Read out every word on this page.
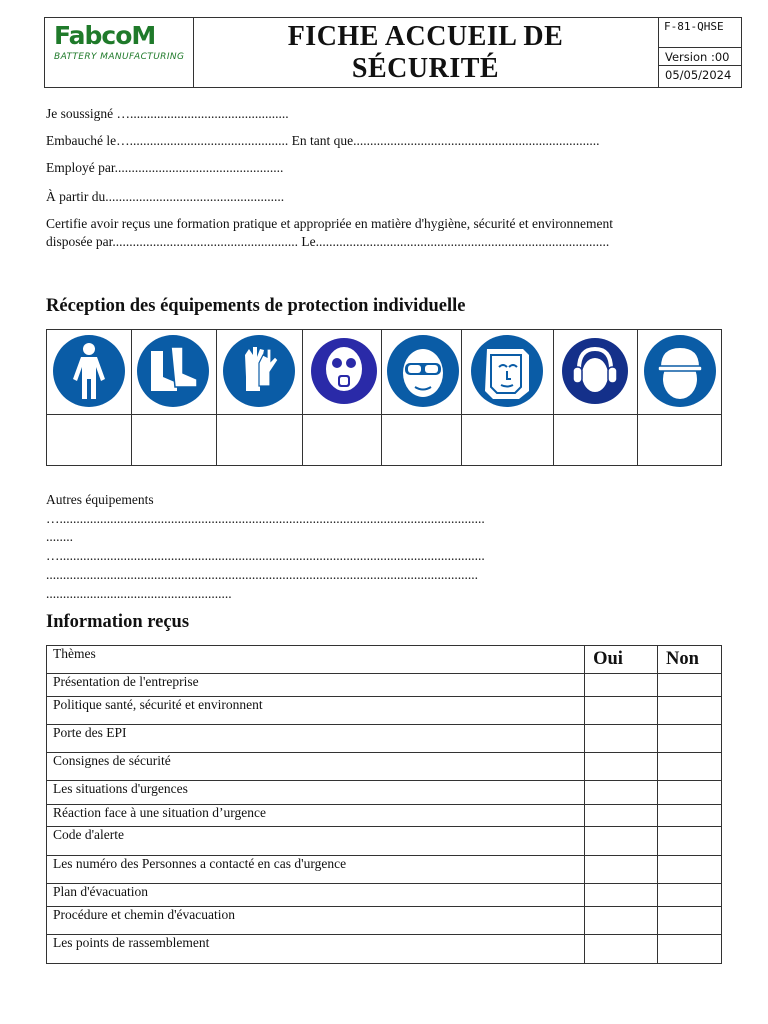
FabcoM
BATTERY MANUFACTURING
FICHE ACCUEIL DE
SÉCURITÉ
F-81-QHSE
Version :00
05/05/2024
Je soussigné …...............................................
Embauché le…............................................... En tant que.........................................................................
Employé par..................................................
À partir du.....................................................
Certifie avoir reçus une formation pratique et appropriée en matière d'hygiène, sécurité et environnement
disposée par....................................................... Le.......................................................................................
Réception des équipements de protection individuelle
Autres équipements
…..............................................................................................................................
........
…..............................................................................................................................
................................................................................................................................
.......................................................
Information reçus
Thèmes	Oui	Non
Présentation de l'entreprise		
Politique santé, sécurité et environnent		
Porte des EPI		
Consignes de sécurité		
Les situations d'urgences		
Réaction face à une situation d’urgence		
Code d'alerte		
Les numéro des Personnes a contacté en cas d'urgence		
Plan d'évacuation		
Procédure et chemin d'évacuation		
Les points de rassemblement		
